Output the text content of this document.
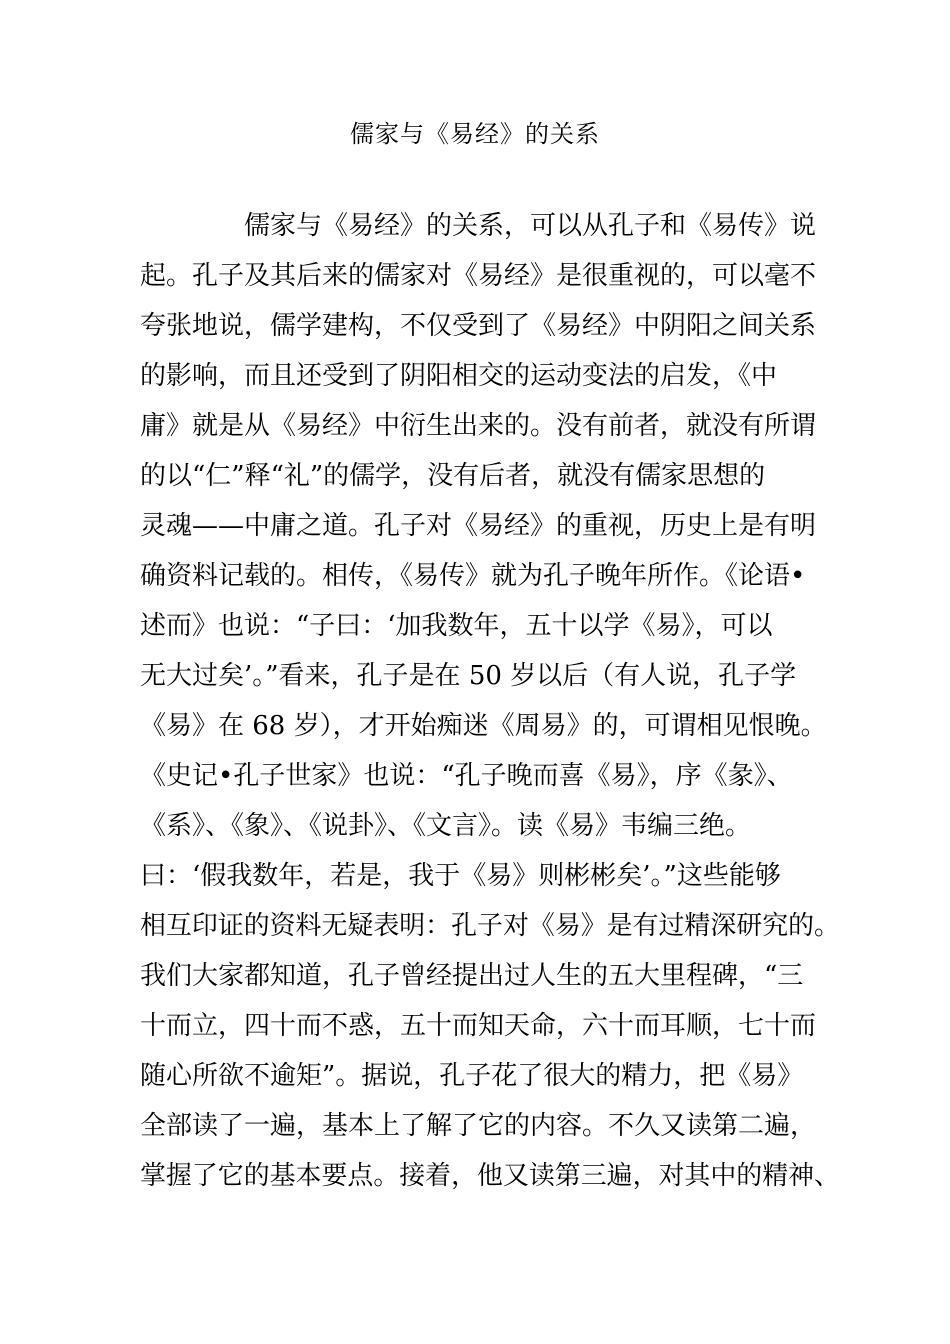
儒家与《易经》的关系
儒家与《易经》的关系，可以从孔子和《易传》说
起。孔子及其后来的儒家对《易经》是很重视的，可以毫不
夸张地说，儒学建构，不仅受到了《易经》中阴阳之间关系
的影响，而且还受到了阴阳相交的运动变法的启发，《中
庸》就是从《易经》中衍生出来的。没有前者，就没有所谓
的以“仁”释“礼”的儒学，没有后者，就没有儒家思想的
灵魂——中庸之道。孔子对《易经》的重视，历史上是有明
确资料记载的。相传，《易传》就为孔子晚年所作。《论语•
述而》也说：“子曰：‘加我数年，五十以学《易》，可以
无大过矣’。”看来，孔子是在 50 岁以后（有人说，孔子学
《易》在 68 岁），才开始痴迷《周易》的，可谓相见恨晚。
《史记•孔子世家》也说：“孔子晚而喜《易》，序《彖》、
《系》、《象》、《说卦》、《文言》。读《易》韦编三绝。
曰：‘假我数年，若是，我于《易》则彬彬矣’。”这些能够
相互印证的资料无疑表明：孔子对《易》是有过精深研究的。
我们大家都知道，孔子曾经提出过人生的五大里程碑，“三
十而立，四十而不惑，五十而知天命，六十而耳顺，七十而
随心所欲不逾矩”。据说，孔子花了很大的精力，把《易》
全部读了一遍，基本上了解了它的内容。不久又读第二遍，
掌握了它的基本要点。接着，他又读第三遍，对其中的精神、
